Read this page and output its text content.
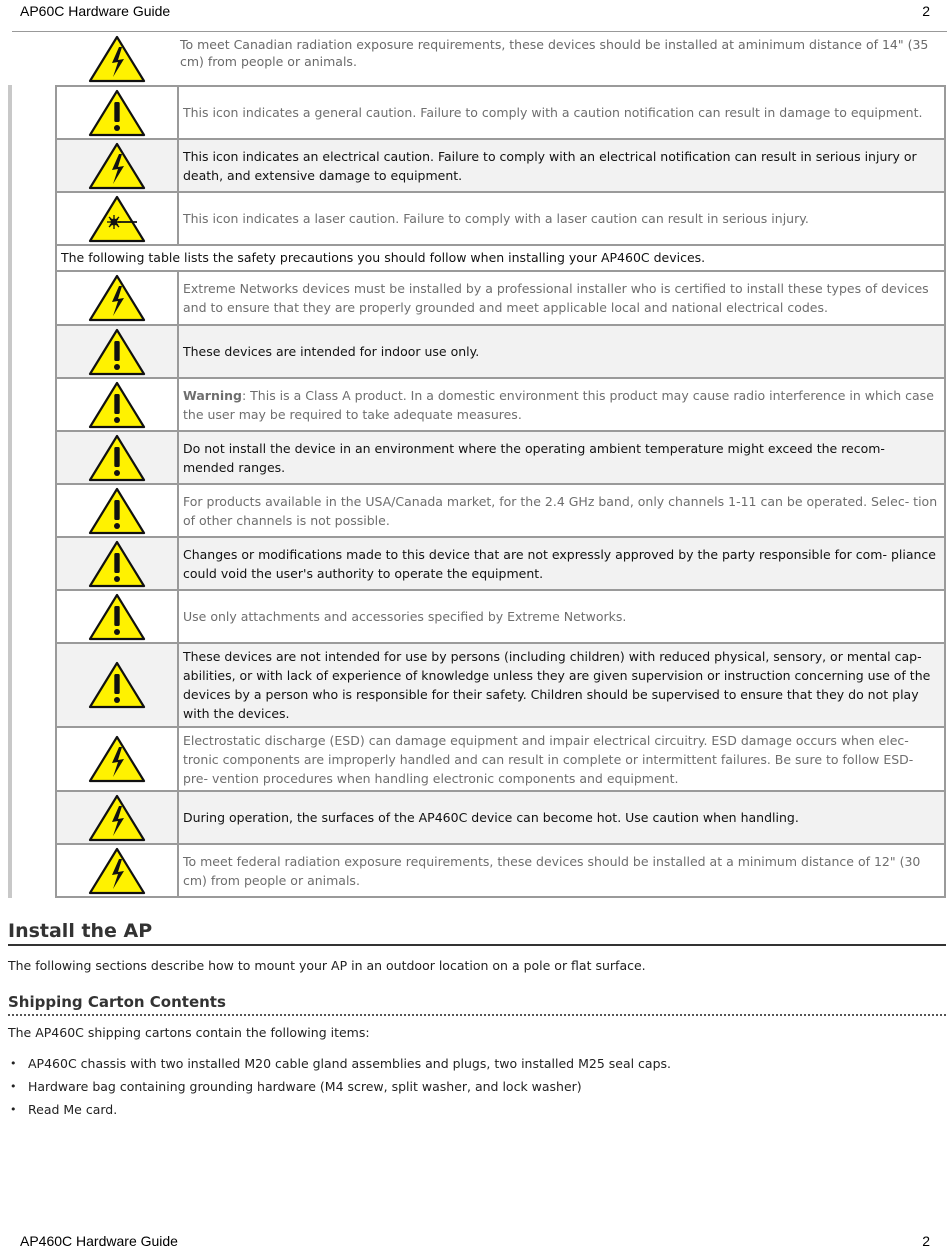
AP60C Hardware Guide	2
To meet Canadian radiation exposure requirements, these devices should be installed at aminimum distance of 14" (35 cm) from people or animals.
	This icon indicates a general caution. Failure to comply with a caution notification can result in damage to equipment.

	This icon indicates an electrical caution. Failure to comply with an electrical notification can result in serious injury or death, and extensive damage to equipment.

	This icon indicates a laser caution. Failure to comply with a laser caution can result in serious injury.
The following table lists the safety precautions you should follow when installing your AP460C devices.	

	Extreme Networks devices must be installed by a professional installer who is certified to install these types of devices and to ensure that they are properly grounded and meet applicable local and national electrical codes.

	These devices are intended for indoor use only.

	Warning: This is a Class A product. In a domestic environment this product may cause radio interference in which case the user may be required to take adequate measures.

	Do not install the device in an environment where the operating ambient temperature might exceed the recom- mended ranges.

	For products available in the USA/Canada market, for the 2.4 GHz band, only channels 1-11 can be operated. Selec- tion of other channels is not possible.

	Changes or modifications made to this device that are not expressly approved by the party responsible for com- pliance could void the user's authority to operate the equipment.

	Use only attachments and accessories specified by Extreme Networks.

	These devices are not intended for use by persons (including children) with reduced physical, sensory, or mental cap- abilities, or with lack of experience of knowledge unless they are given supervision or instruction concerning use of the devices by a person who is responsible for their safety. Children should be supervised to ensure that they do not play with the devices.

	Electrostatic discharge (ESD) can damage equipment and impair electrical circuitry. ESD damage occurs when elec- tronic components are improperly handled and can result in complete or intermittent failures. Be sure to follow ESD-pre- vention procedures when handling electronic components and equipment.

	During operation, the surfaces of the AP460C device can become hot. Use caution when handling.

	To meet federal radiation exposure requirements, these devices should be installed at a minimum distance of 12" (30 cm) from people or animals.
Install the AP
The following sections describe how to mount your AP in an outdoor location on a pole or flat surface.
Shipping Carton Contents
The AP460C shipping cartons contain the following items:
• AP460C chassis with two installed M20 cable gland assemblies and plugs, two installed M25 seal caps.
• Hardware bag containing grounding hardware (M4 screw, split washer, and lock washer)
• Read Me card.
AP460C Hardware Guide	2
